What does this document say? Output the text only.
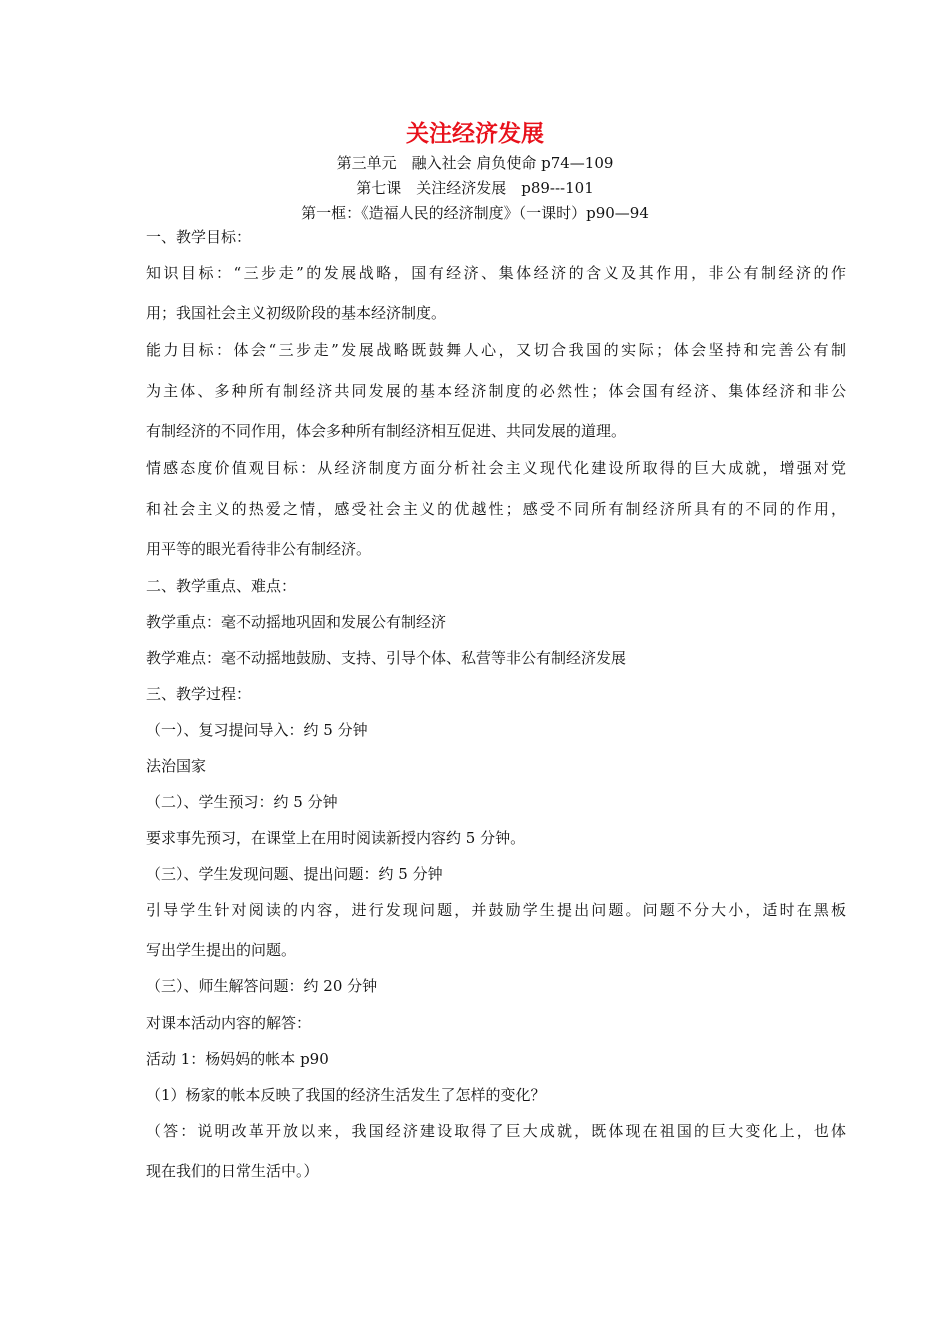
关注经济发展
第三单元　融入社会 肩负使命 p74—109
第七课　关注经济发展　p89---101
第一框：《造福人民的经济制度》（一课时）p90—94
一、教学目标：
知识目标：“三步走”的发展战略，国有经济、集体经济的含义及其作用，非公有制经济的作
用；我国社会主义初级阶段的基本经济制度。
能力目标：体会“三步走”发展战略既鼓舞人心，又切合我国的实际；体会坚持和完善公有制
为主体、多种所有制经济共同发展的基本经济制度的必然性；体会国有经济、集体经济和非公
有制经济的不同作用，体会多种所有制经济相互促进、共同发展的道理。
情感态度价值观目标：从经济制度方面分析社会主义现代化建设所取得的巨大成就，增强对党
和社会主义的热爱之情，感受社会主义的优越性；感受不同所有制经济所具有的不同的作用，
用平等的眼光看待非公有制经济。
二、教学重点、难点：
教学重点：毫不动摇地巩固和发展公有制经济
教学难点：毫不动摇地鼓励、支持、引导个体、私营等非公有制经济发展
三、教学过程：
（一）、复习提问导入：约 5 分钟
法治国家
（二）、学生预习：约 5 分钟
要求事先预习，在课堂上在用时阅读新授内容约 5 分钟。
（三）、学生发现问题、提出问题：约 5 分钟
引导学生针对阅读的内容，进行发现问题，并鼓励学生提出问题。问题不分大小，适时在黑板
写出学生提出的问题。
（三）、师生解答问题：约 20 分钟
对课本活动内容的解答：
活动 1：杨妈妈的帐本 p90
（1）杨家的帐本反映了我国的经济生活发生了怎样的变化？
（答：说明改革开放以来，我国经济建设取得了巨大成就，既体现在祖国的巨大变化上，也体
现在我们的日常生活中。）
